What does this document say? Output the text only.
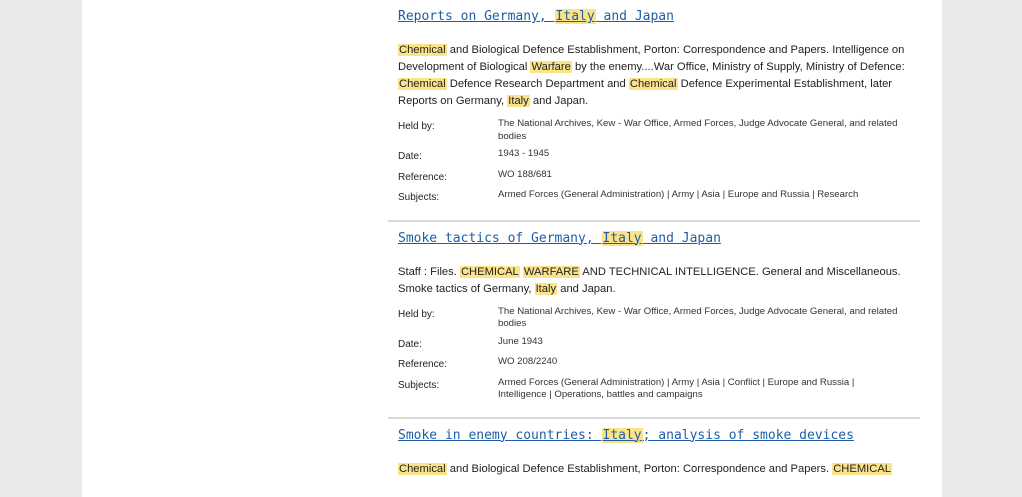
Reports on Germany, Italy and Japan
Chemical and Biological Defence Establishment, Porton: Correspondence and Papers. Intelligence on Development of Biological Warfare by the enemy....War Office, Ministry of Supply, Ministry of Defence: Chemical Defence Research Department and Chemical Defence Experimental Establishment, later Reports on Germany, Italy and Japan.
Held by:	The National Archives, Kew - War Office, Armed Forces, Judge Advocate General, and related bodies
Date:	1943 - 1945
Reference:	WO 188/681
Subjects:	Armed Forces (General Administration) | Army | Asia | Europe and Russia | Research
Smoke tactics of Germany, Italy and Japan
Staff : Files. CHEMICAL WARFARE AND TECHNICAL INTELLIGENCE. General and Miscellaneous. Smoke tactics of Germany, Italy and Japan.
Held by:	The National Archives, Kew - War Office, Armed Forces, Judge Advocate General, and related bodies
Date:	June 1943
Reference:	WO 208/2240
Subjects:	Armed Forces (General Administration) | Army | Asia | Conflict | Europe and Russia | Intelligence | Operations, battles and campaigns
Smoke in enemy countries: Italy; analysis of smoke devices
Chemical and Biological Defence Establishment, Porton: Correspondence and Papers. CHEMICAL
